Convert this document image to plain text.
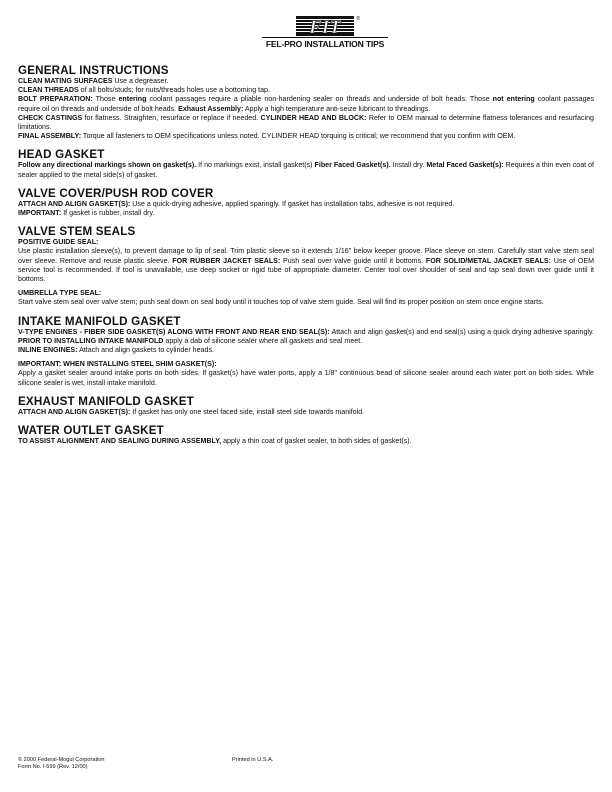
FIT	®
FEL-PRO INSTALLATION TIPS
GENERAL INSTRUCTIONS

CLEAN MATING SURFACES Use a degreaser.

CLEAN THREADS of all bolts/studs; for nuts/threads holes use a bottoming tap.

BOLT PREPARATION: Those entering coolant passages require a pliable non-hardening sealer on threads and underside of bolt heads. Those not entering coolant passages require oil on threads and underside of bolt heads. Exhaust Assembly: Apply a high temperature anti-seize lubricant to threadings.

CHECK CASTINGS for flatness. Straighten, resurface or replace if needed. CYLINDER HEAD AND BLOCK: Refer to OEM manual to determine flatness tolerances and resurfacing limitations.

FINAL ASSEMBLY: Torque all fasteners to OEM specifications unless noted. CYLINDER HEAD torquing is critical; we recommend that you confirm with OEM.

HEAD GASKET

Follow any directional markings shown on gasket(s). If no markings exist, install gasket(s) Fiber Faced Gasket(s). Install dry. Metal Faced Gasket(s): Requires a thin even coat of sealer applied to the metal side(s) of gasket.

VALVE COVER/PUSH ROD COVER

ATTACH AND ALIGN GASKET(S): Use a quick-drying adhesive, applied sparingly. If gasket has installation tabs, adhesive is not required.

IMPORTANT: If gasket is rubber, install dry.

VALVE STEM SEALS

POSITIVE GUIDE SEAL:

Use plastic installation sleeve(s), to prevent damage to lip of seal. Trim plastic sleeve so it extends 1/16" below keeper groove. Place sleeve on stem. Carefully start valve stem seal over sleeve. Remove and reuse plastic sleeve. FOR RUBBER JACKET SEALS: Push seal over valve guide until it bottoms. FOR SOLID/METAL JACKET SEALS: Use of OEM service tool is recommended. If tool is unavailable, use deep socket or rigid tube of appropriate diameter. Center tool over shoulder of seal and tap seal down over guide until it bottoms.

UMBRELLA TYPE SEAL:

Start valve stem seal over valve stem; push seal down on seal body until it touches top of valve stem guide. Seal will find its proper position on stem once engine starts.

INTAKE MANIFOLD GASKET

V-TYPE ENGINES - FIBER SIDE GASKET(S) ALONG WITH FRONT AND REAR END SEAL(S): Attach and align gasket(s) and end seal(s) using a quick drying adhesive sparingly. PRIOR TO INSTALLING INTAKE MANIFOLD apply a dab of silicone sealer where all gaskets and seal meet.

INLINE ENGINES: Attach and align gaskets to cylinder heads.

IMPORTANT: WHEN INSTALLING STEEL SHIM GASKET(S):

Apply a gasket sealer around intake ports on both sides. If gasket(s) have water ports, apply a 1/8" continuous bead of silicone sealer around each water port on both sides. While silicone sealer is wet, install intake manifold.

EXHAUST MANIFOLD GASKET

ATTACH AND ALIGN GASKET(S): If gasket has only one steel faced side, install steel side towards manifold.

WATER OUTLET GASKET

TO ASSIST ALIGNMENT AND SEALING DURING ASSEMBLY, apply a thin coat of gasket sealer, to both sides of gasket(s).

© 2000 Federal-Mogul Corporation
Form No. I-599 (Rev. 12/00)
Printed in U.S.A.
